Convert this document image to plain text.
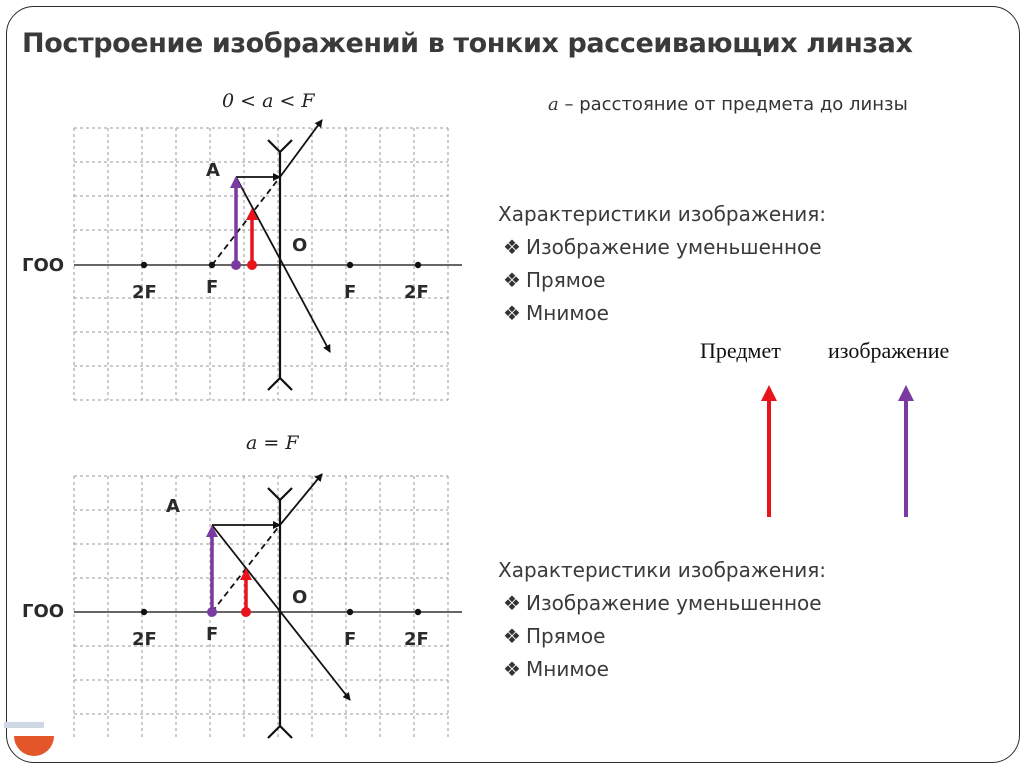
Построение изображений в тонких рассеивающих линзах
0 < a < F
a = F
a – расстояние от предмета до линзы
ГОО
A
O
2F	F	F	2F
ГОО
A
O
2F	F	F	2F
Характеристики изображения:
❖ Изображение уменьшенное
❖ Прямое
❖ Мнимое
Характеристики изображения:
❖ Изображение уменьшенное
❖ Прямое
❖ Мнимое
Предмет изображение
